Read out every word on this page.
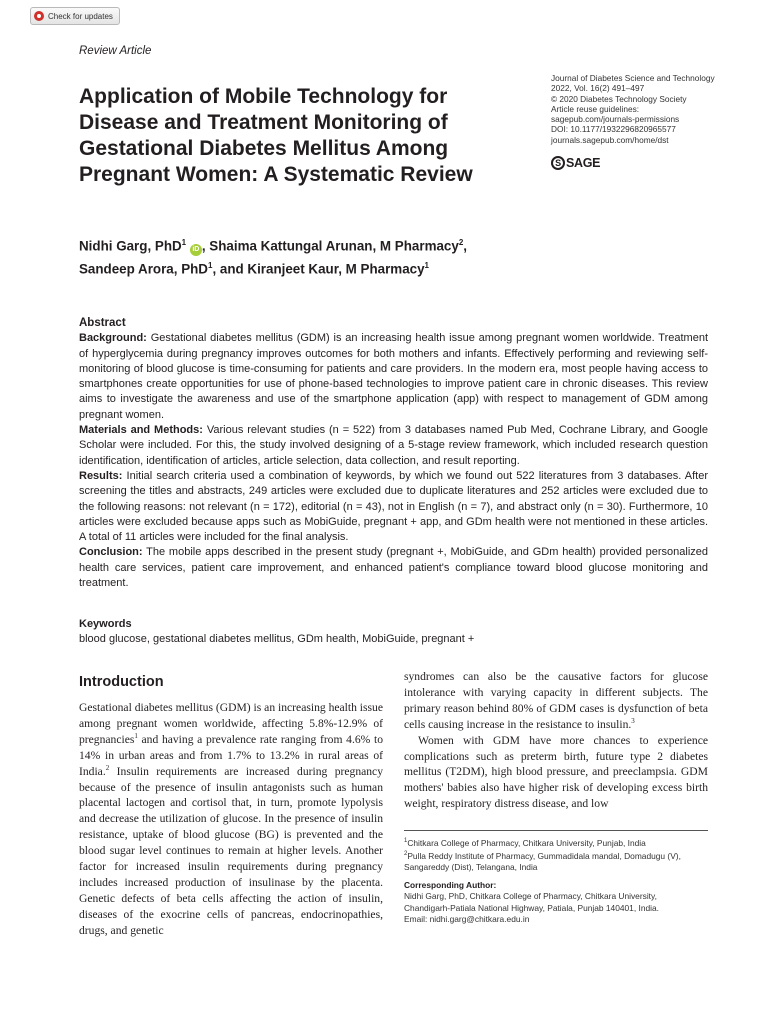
Check for updates
Review Article
Application of Mobile Technology for Disease and Treatment Monitoring of Gestational Diabetes Mellitus Among Pregnant Women: A Systematic Review
Journal of Diabetes Science and Technology
2022, Vol. 16(2) 491–497
© 2020 Diabetes Technology Society
Article reuse guidelines:
sagepub.com/journals-permissions
DOI: 10.1177/1932296820965577
journals.sagepub.com/home/dst
S SAGE
Nidhi Garg, PhD$^1$ iD , Shaima Kattungal Arunan, M Pharmacy$^2$,
Sandeep Arora, PhD$^1$, and Kiranjeet Kaur, M Pharmacy$^1$
Abstract

Background: Gestational diabetes mellitus (GDM) is an increasing health issue among pregnant women worldwide. Treatment of hyperglycemia during pregnancy improves outcomes for both mothers and infants. Effectively performing and reviewing self-monitoring of blood glucose is time-consuming for patients and care providers. In the modern era, most people having access to smartphones create opportunities for use of phone-based technologies to improve patient care in chronic diseases. This review aims to investigate the awareness and use of the smartphone application (app) with respect to management of GDM among pregnant women.

Materials and Methods: Various relevant studies (n = 522) from 3 databases named Pub Med, Cochrane Library, and Google Scholar were included. For this, the study involved designing of a 5-stage review framework, which included research question identification, identification of articles, article selection, data collection, and result reporting.

Results: Initial search criteria used a combination of keywords, by which we found out 522 literatures from 3 databases. After screening the titles and abstracts, 249 articles were excluded due to duplicate literatures and 252 articles were excluded due to the following reasons: not relevant (n = 172), editorial (n = 43), not in English (n = 7), and abstract only (n = 30). Furthermore, 10 articles were excluded because apps such as MobiGuide, pregnant + app, and GDm health were not mentioned in these articles. A total of 11 articles were included for the final analysis.

Conclusion: The mobile apps described in the present study (pregnant +, MobiGuide, and GDm health) provided personalized health care services, patient care improvement, and enhanced patient's compliance toward blood glucose monitoring and treatment.

Keywords
blood glucose, gestational diabetes mellitus, GDm health, MobiGuide, pregnant +
Introduction

Gestational diabetes mellitus (GDM) is an increasing health issue among pregnant women worldwide, affecting 5.8%-12.9% of pregnancies$^1$ and having a prevalence rate ranging from 4.6% to 14% in urban areas and from 1.7% to 13.2% in rural areas of India.$^2$ Insulin requirements are increased during pregnancy because of the presence of insulin antagonists such as human placental lactogen and cortisol that, in turn, promote lypolysis and decrease the utilization of glucose. In the presence of insulin resistance, uptake of blood glucose (BG) is prevented and the blood sugar level continues to remain at higher levels. Another factor for increased insulin requirements during pregnancy includes increased production of insulinase by the placenta. Genetic defects of beta cells affecting the action of insulin, diseases of the exocrine cells of pancreas, endocrinopathies, drugs, and genetic

syndromes can also be the causative factors for glucose intolerance with varying capacity in different subjects. The primary reason behind 80% of GDM cases is dysfunction of beta cells causing increase in the resistance to insulin.$^3$

Women with GDM have more chances to experience complications such as preterm birth, future type 2 diabetes mellitus (T2DM), high blood pressure, and preeclampsia. GDM mothers' babies also have higher risk of developing excess birth weight, respiratory distress disease, and low

$^1$Chitkara College of Pharmacy, Chitkara University, Punjab, India
$^2$Pulla Reddy Institute of Pharmacy, Gummadidala mandal, Domadugu (V), Sangareddy (Dist), Telangana, India
Corresponding Author:
Nidhi Garg, PhD, Chitkara College of Pharmacy, Chitkara University,
Chandigarh-Patiala National Highway, Patiala, Punjab 140401, India.
Email: nidhi.garg@chitkara.edu.in
